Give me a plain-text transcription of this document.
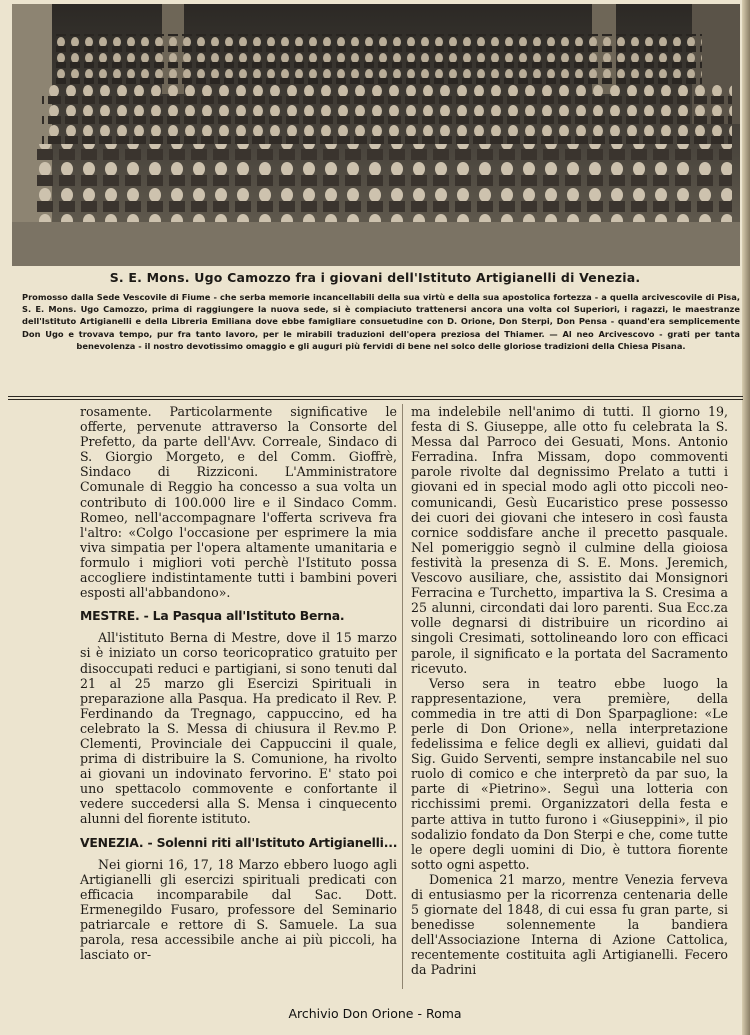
S. E. Mons. Ugo Camozzo fra i giovani dell'Istituto Artigianelli di Venezia.
Promosso dalla Sede Vescovile di Fiume - che serba memorie incancellabili della sua virtù e della sua apostolica fortezza - a quella arcivescovile di Pisa, S. E. Mons. Ugo Camozzo, prima di raggiungere la nuova sede, si è compiaciuto trattenersi ancora una volta col Superiori, i ragazzi, le maestranze dell'Istituto Artigianelli e della Libreria Emiliana dove ebbe famigliare consuetudine con D. Orione, Don Sterpi, Don Pensa - quand'era semplicemente Don Ugo e trovava tempo, pur fra tanto lavoro, per le mirabili traduzioni dell'opera preziosa del Thiamer. — Al neo Arcivescovo - grati per tanta benevolenza - il nostro devotissimo omaggio e gli auguri più fervidi di bene nel solco delle gloriose tradizioni della Chiesa Pisana.

rosamente. Particolarmente significative le offerte, pervenute attraverso la Consorte del Prefetto, da parte dell'Avv. Correale, Sindaco di S. Giorgio Morgeto, e del Comm. Gioffrè, Sindaco di Rizziconi. L'Amministratore Comunale di Reggio ha concesso a sua volta un contributo di 100.000 lire e il Sindaco Comm. Romeo, nell'accompagnare l'offerta scriveva fra l'altro: «Colgo l'occasione per esprimere la mia viva simpatia per l'opera altamente umanitaria e formulo i migliori voti perchè l'Istituto possa accogliere indistintamente tutti i bambini poveri esposti all'abbandono».

MESTRE. - La Pasqua all'Istituto Berna.

All'istituto Berna di Mestre, dove il 15 marzo si è iniziato un corso teoricopratico gratuito per disoccupati reduci e partigiani, si sono tenuti dal 21 al 25 marzo gli Esercizi Spirituali in preparazione alla Pasqua. Ha predicato il Rev. P. Ferdinando da Tregnago, cappuccino, ed ha celebrato la S. Messa di chiusura il Rev.mo P. Clementi, Provinciale dei Cappuccini il quale, prima di distribuire la S. Comunione, ha rivolto ai giovani un indovinato fervorino. E' stato poi uno spettacolo commovente e confortante il vedere succedersi alla S. Mensa i cinquecento alunni del fiorente istituto.

VENEZIA. - Solenni riti all'Istituto Artigianelli...

Nei giorni 16, 17, 18 Marzo ebbero luogo agli Artigianelli gli esercizi spirituali predicati con efficacia incomparabile dal Sac. Dott. Ermenegildo Fusaro, professore del Seminario patriarcale e rettore di S. Samuele. La sua parola, resa accessibile anche ai più piccoli, ha lasciato or-

ma indelebile nell'animo di tutti. Il giorno 19, festa di S. Giuseppe, alle otto fu celebrata la S. Messa dal Parroco dei Gesuati, Mons. Antonio Ferradina. Infra Missam, dopo commoventi parole rivolte dal degnissimo Prelato a tutti i giovani ed in special modo agli otto piccoli neo-comunicandi, Gesù Eucaristico prese possesso dei cuori dei giovani che intesero in così fausta cornice soddisfare anche il precetto pasquale. Nel pomeriggio segnò il culmine della gioiosa festività la presenza di S. E. Mons. Jeremich, Vescovo ausiliare, che, assistito dai Monsignori Ferracina e Turchetto, impartiva la S. Cresima a 25 alunni, circondati dai loro parenti. Sua Ecc.za volle degnarsi di distribuire un ricordino ai singoli Cresimati, sottolineando loro con efficaci parole, il significato e la portata del Sacramento ricevuto.

Verso sera in teatro ebbe luogo la rappresentazione, vera première, della commedia in tre atti di Don Sparpaglione: «Le perle di Don Orione», nella interpretazione fedelissima e felice degli ex allievi, guidati dal Sig. Guido Serventi, sempre instancabile nel suo ruolo di comico e che interpretò da par suo, la parte di «Pietrino». Seguì una lotteria con ricchissimi premi. Organizzatori della festa e parte attiva in tutto furono i «Giuseppini», il pio sodalizio fondato da Don Sterpi e che, come tutte le opere degli uomini di Dio, è tuttora fiorente sotto ogni aspetto.

Domenica 21 marzo, mentre Venezia ferveva di entusiasmo per la ricorrenza centenaria delle 5 giornate del 1848, di cui essa fu gran parte, si benedisse solennemente la bandiera dell'Associazione Interna di Azione Cattolica, recentemente costituita agli Artigianelli. Fecero da Padrini

Archivio Don Orione - Roma
